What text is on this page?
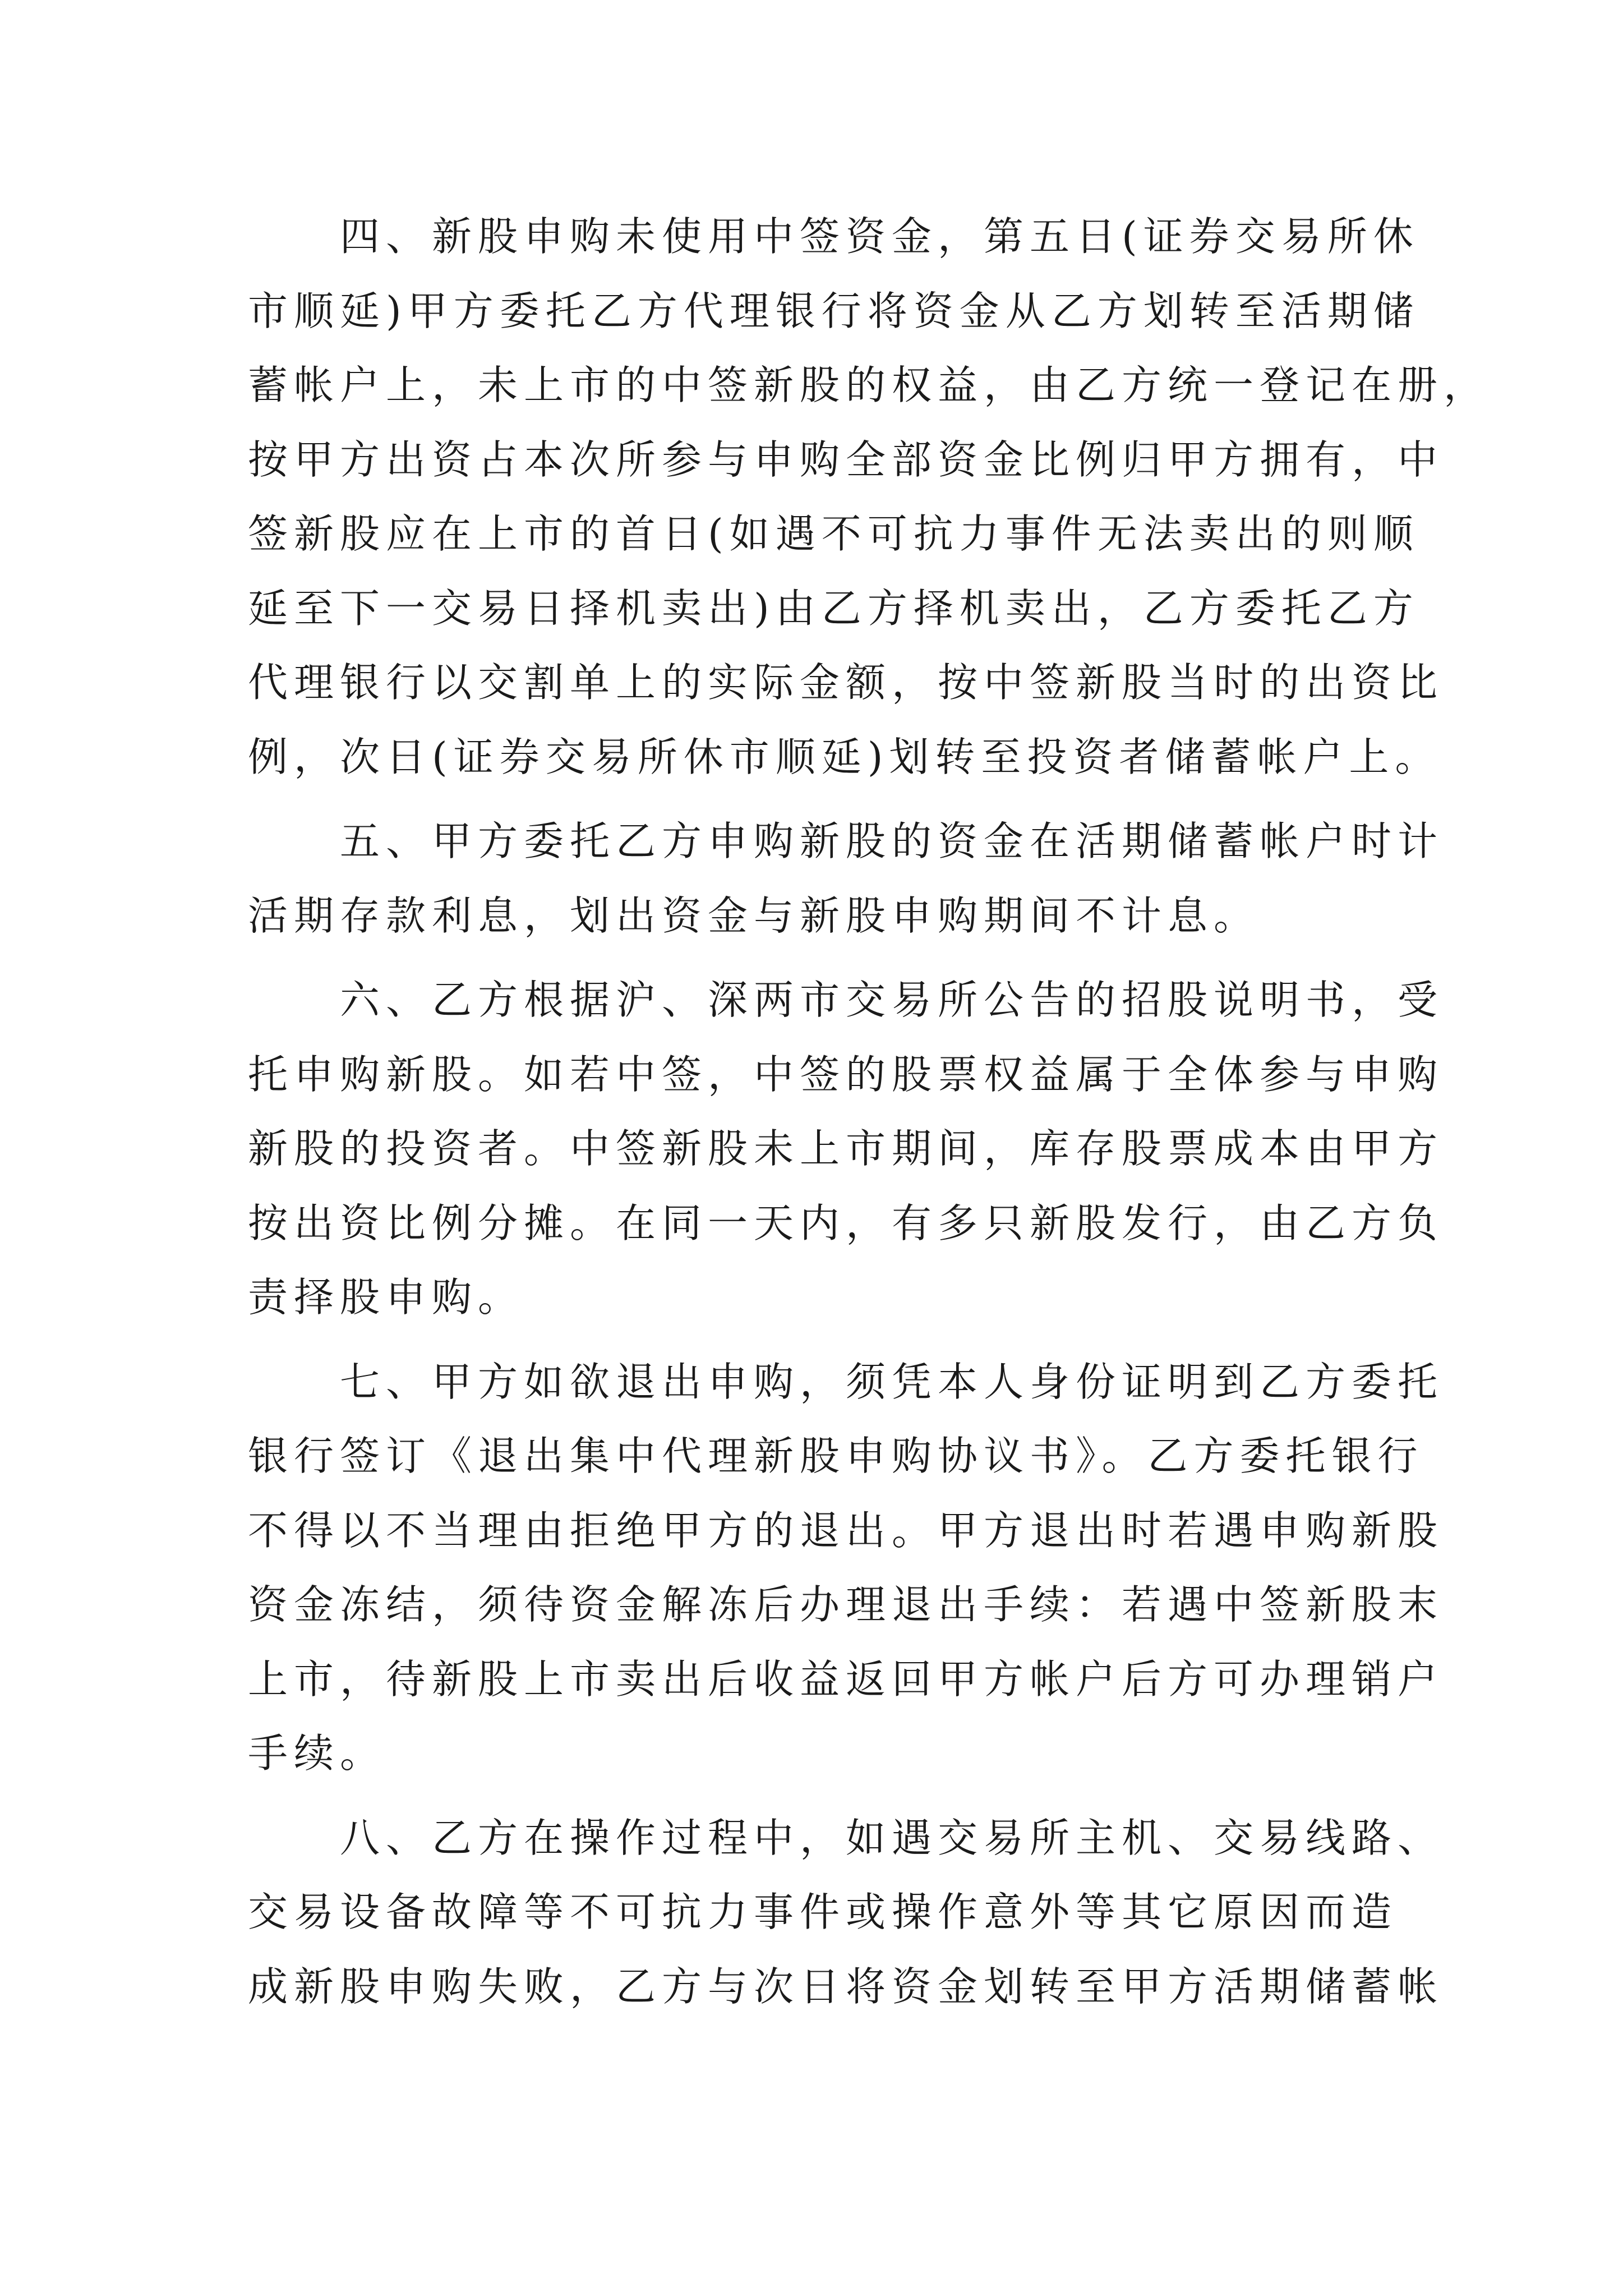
　　四、新股申购未使用中签资金，第五日(证券交易所休
市顺延)甲方委托乙方代理银行将资金从乙方划转至活期储
蓄帐户上，未上市的中签新股的权益，由乙方统一登记在册，
按甲方出资占本次所参与申购全部资金比例归甲方拥有，中
签新股应在上市的首日(如遇不可抗力事件无法卖出的则顺
延至下一交易日择机卖出)由乙方择机卖出，乙方委托乙方
代理银行以交割单上的实际金额，按中签新股当时的出资比
例，次日(证券交易所休市顺延)划转至投资者储蓄帐户上。
　　五、甲方委托乙方申购新股的资金在活期储蓄帐户时计
活期存款利息，划出资金与新股申购期间不计息。
　　六、乙方根据沪、深两市交易所公告的招股说明书，受
托申购新股。如若中签，中签的股票权益属于全体参与申购
新股的投资者。中签新股未上市期间，库存股票成本由甲方
按出资比例分摊。在同一天内，有多只新股发行，由乙方负
责择股申购。
　　七、甲方如欲退出申购，须凭本人身份证明到乙方委托
银行签订《退出集中代理新股申购协议书》。乙方委托银行
不得以不当理由拒绝甲方的退出。甲方退出时若遇申购新股
资金冻结，须待资金解冻后办理退出手续：若遇中签新股末
上市，待新股上市卖出后收益返回甲方帐户后方可办理销户
手续。
　　八、乙方在操作过程中，如遇交易所主机、交易线路、
交易设备故障等不可抗力事件或操作意外等其它原因而造
成新股申购失败，乙方与次日将资金划转至甲方活期储蓄帐
